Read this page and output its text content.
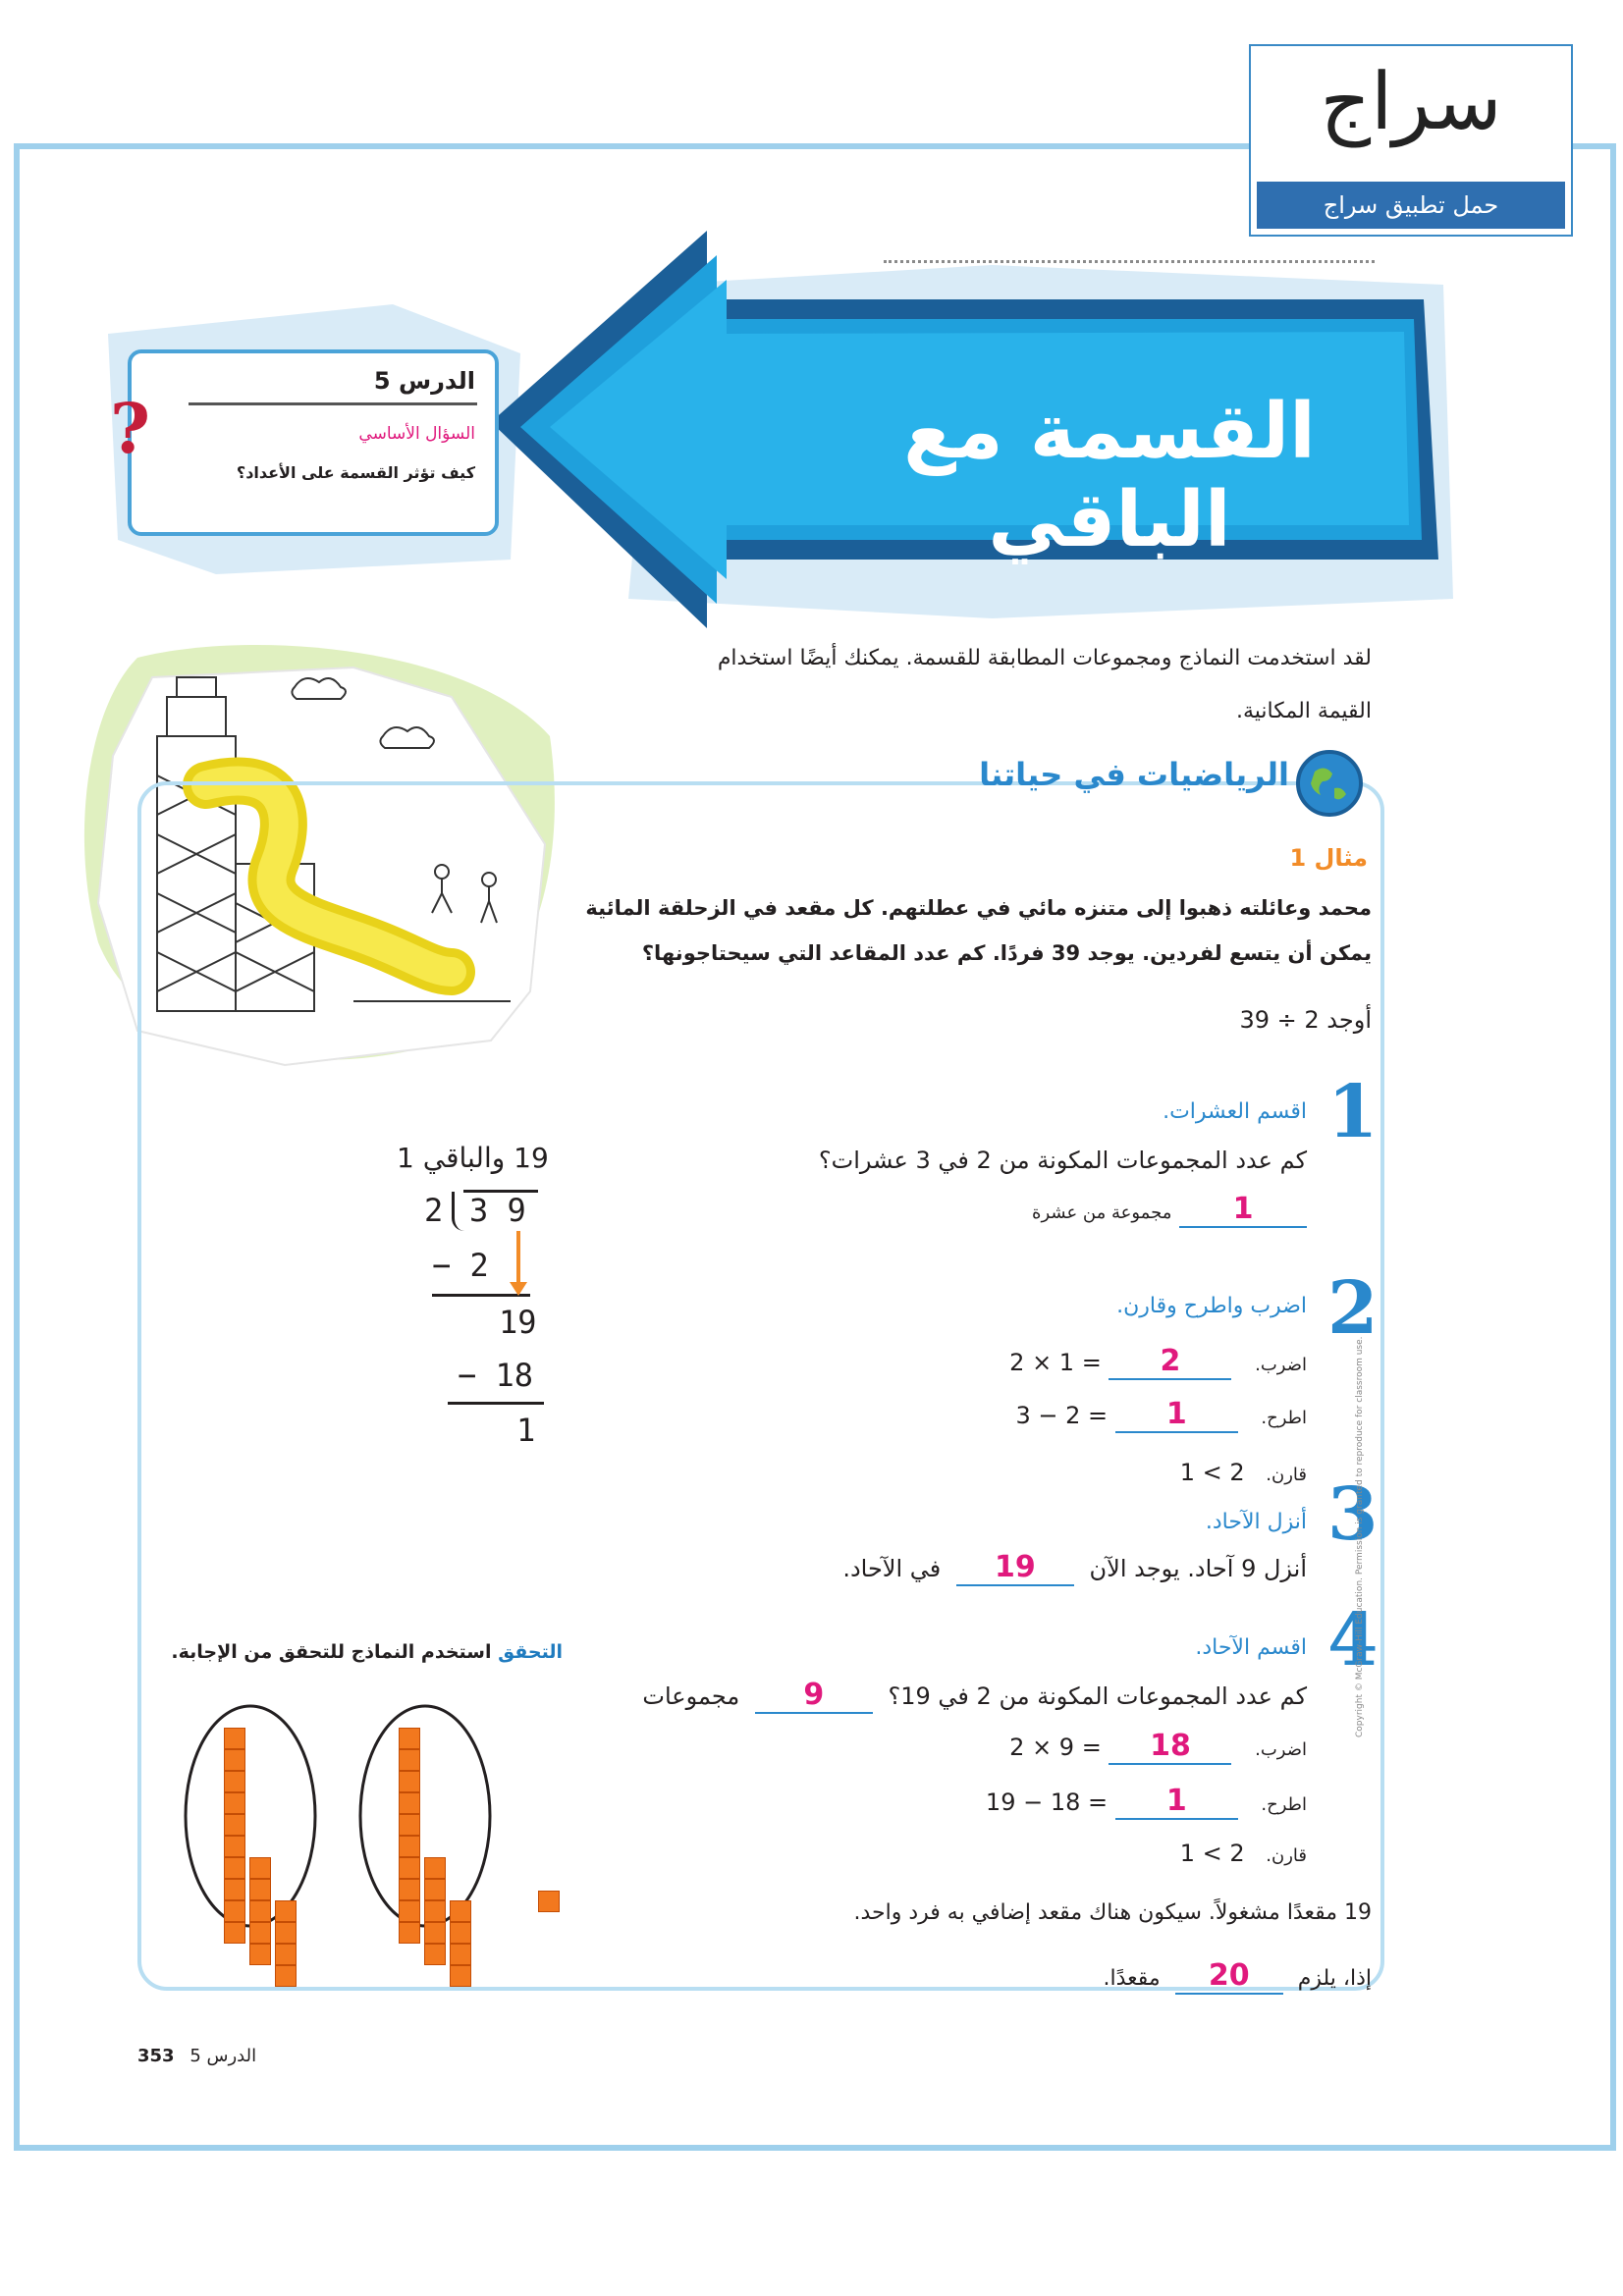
سراج
حمل تطبيق سراج
القسمة مع الباقي
الدرس 5
السؤال الأساسي
كيف تؤثر القسمة على الأعداد؟
?
لقد استخدمت النماذج ومجموعات المطابقة للقسمة. يمكنك أيضًا استخدام
القيمة المكانية.
الرياضيات في حياتنا
مثال 1
محمد وعائلته ذهبوا إلى متنزه مائي في عطلتهم. كل مقعد في الزحلقة المائية
يمكن أن يتسع لفردين. يوجد 39 فردًا. كم عدد المقاعد التي سيحتاجونها؟
أوجد 2 ÷ 39
1
اقسم العشرات.
كم عدد المجموعات المكونة من 2 في 3 عشرات؟
1 مجموعة من عشرة
2
اضرب واطرح وقارن.
اضرب. 2 2 × 1 =
اطرح. 1 3 − 2 =
قارن. 1 < 2	3
أنزل الآحاد.
أنزل 9 آحاد. يوجد الآن 19 في الآحاد.
4
اقسم الآحاد.
كم عدد المجموعات المكونة من 2 في 19؟ 9 مجموعات
اضرب. 18 2 × 9 =
اطرح. 1 19 − 18 =
قارن. 1 < 2
19 مقعدًا مشغولاً. سيكون هناك مقعد إضافي به فرد واحد.
إذا، يلزم 20 مقعدًا.
19 والباقي 1
2 3 9
− 2
19
− 18
1
التحقق استخدم النماذج للتحقق من الإجابة.	Copyright © McGraw-Hill Education. Permission is granted to reproduce for classroom use.
353 الدرس 5
